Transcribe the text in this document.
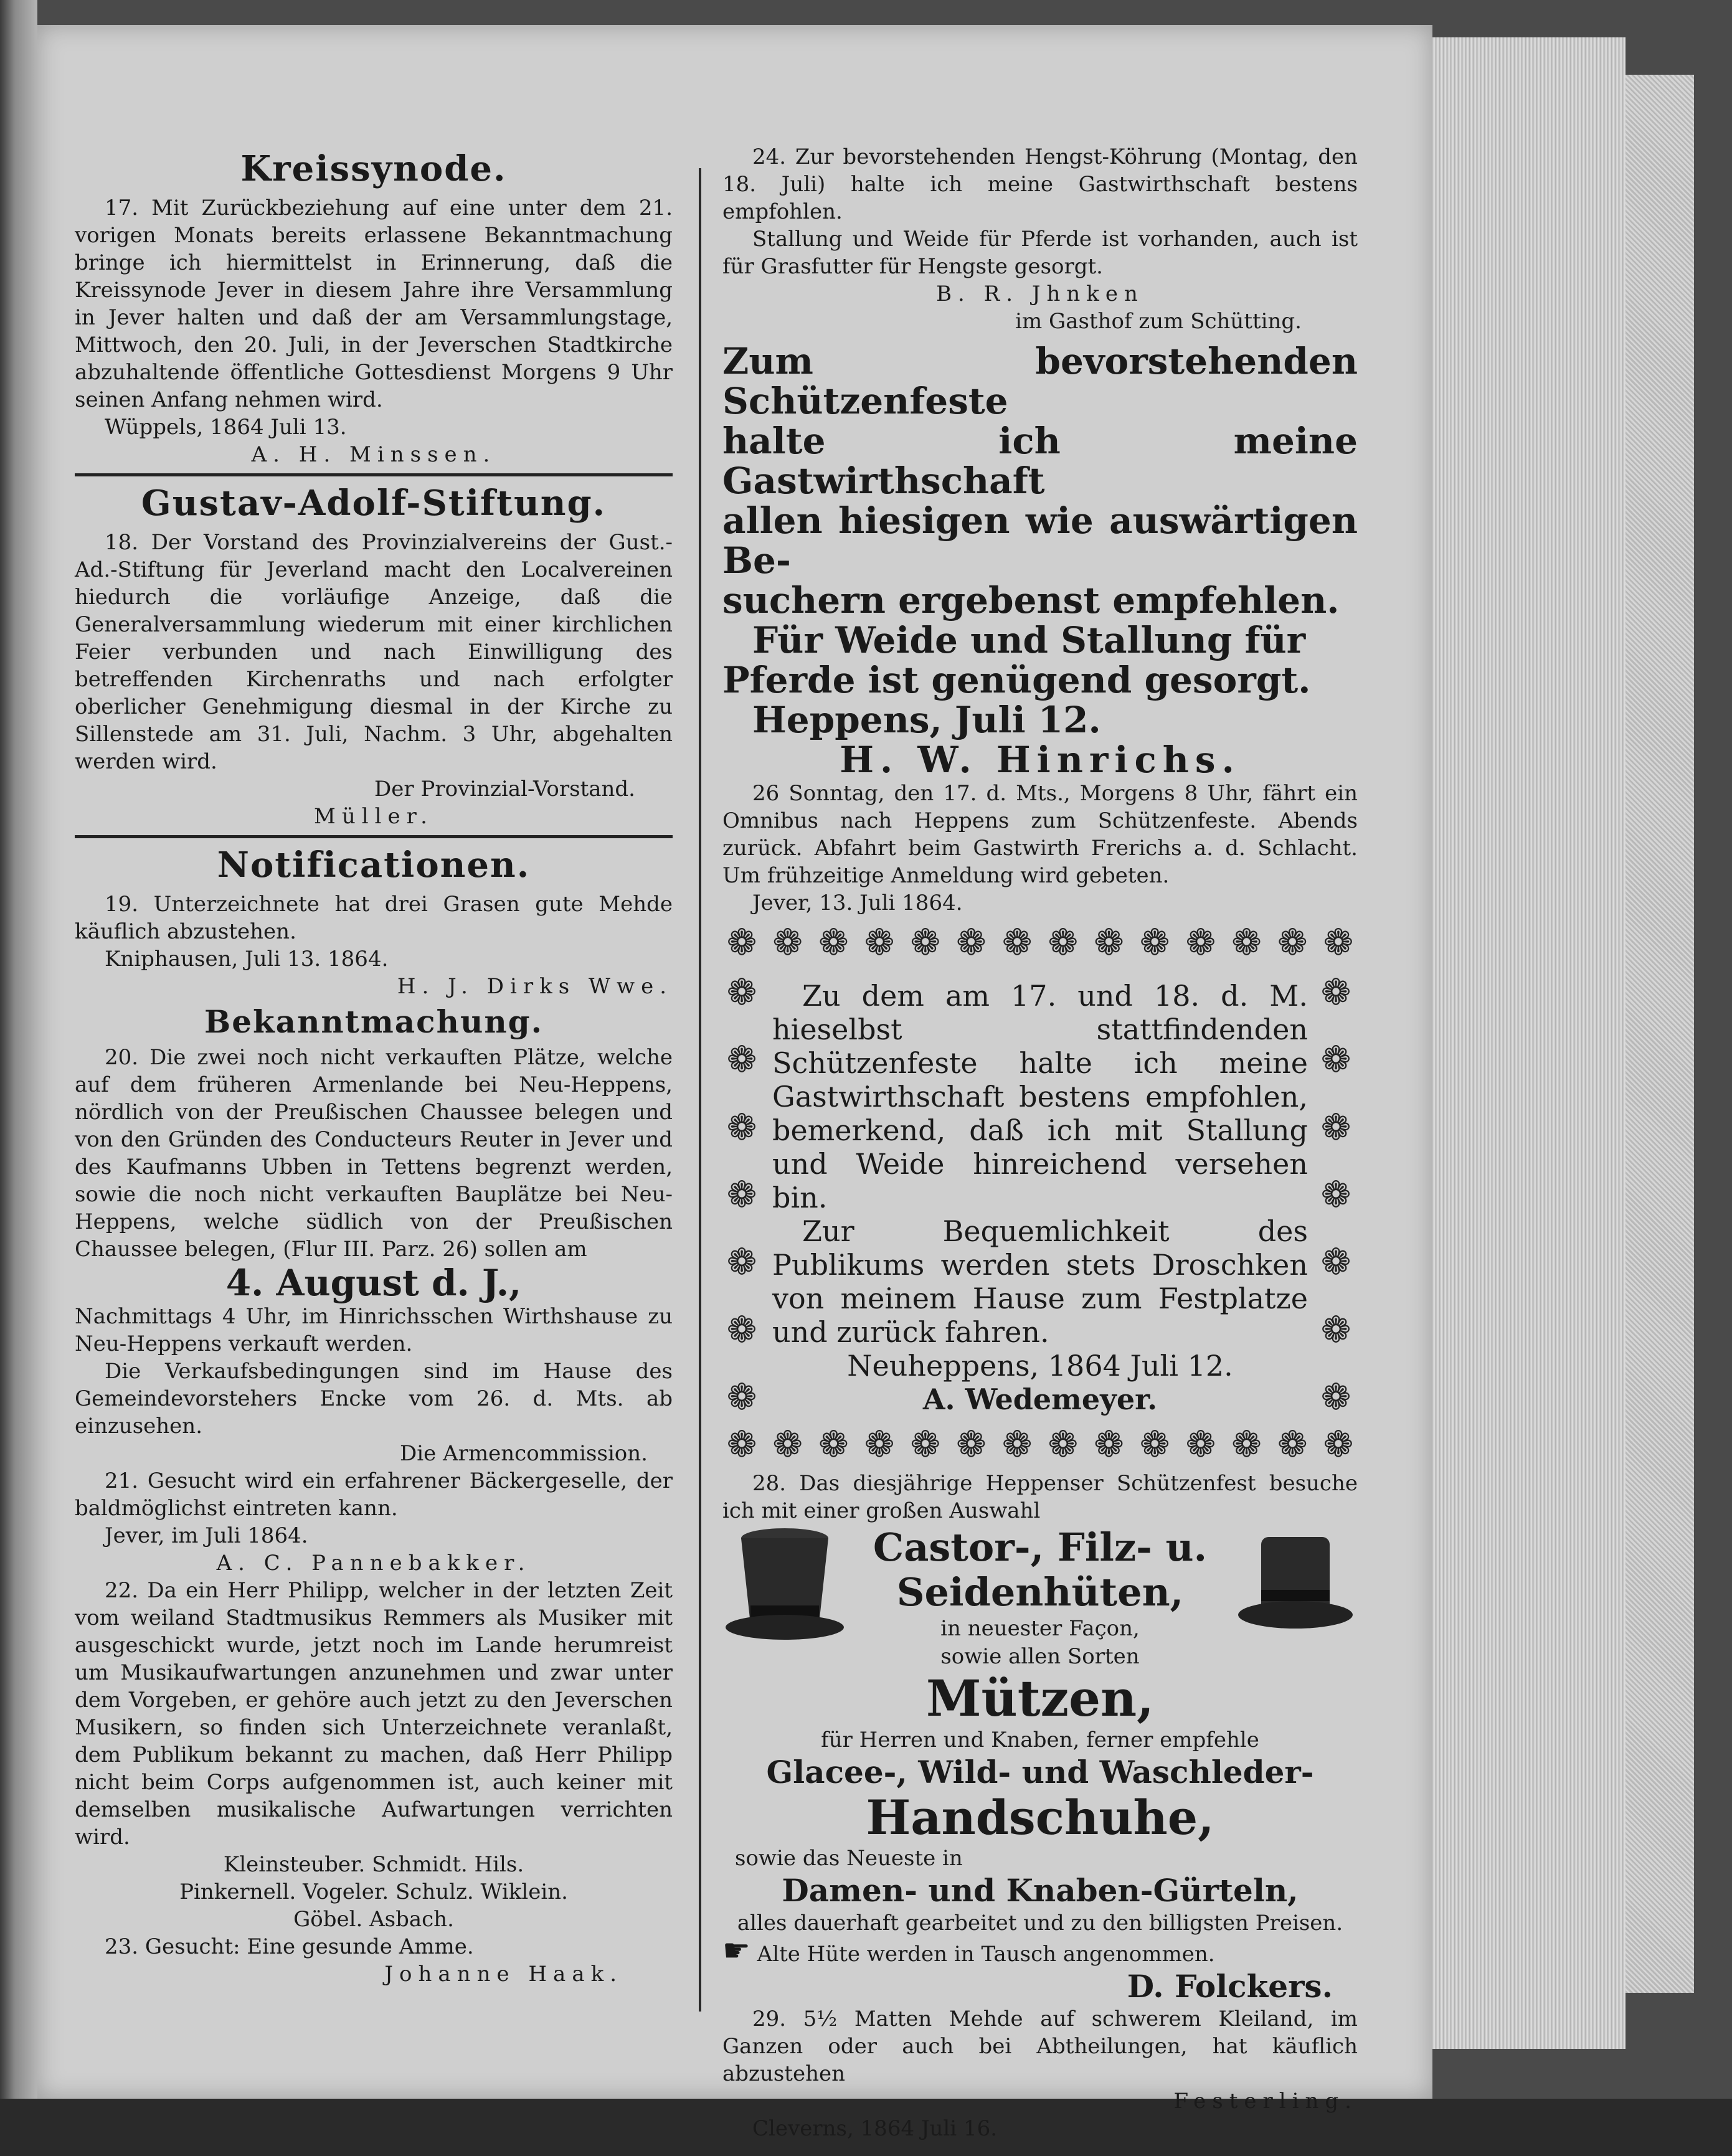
Kreissynode.

17. Mit Zurückbeziehung auf eine unter dem 21. vorigen Monats bereits erlassene Bekanntmachung bringe ich hiermittelst in Erinnerung, daß die Kreissynode Jever in diesem Jahre ihre Versammlung in Jever halten und daß der am Versammlungstage, Mittwoch, den 20. Juli, in der Jeverschen Stadtkirche abzuhaltende öffentliche Gottesdienst Morgens 9 Uhr seinen Anfang nehmen wird.

Wüppels, 1864 Juli 13.

A. H. Minssen.

Gustav-Adolf-Stiftung.

18. Der Vorstand des Provinzialvereins der Gust.-Ad.-Stiftung für Jeverland macht den Localvereinen hiedurch die vorläufige Anzeige, daß die Generalversammlung wiederum mit einer kirchlichen Feier verbunden und nach Einwilligung des betreffenden Kirchenraths und nach erfolgter oberlicher Genehmigung diesmal in der Kirche zu Sillenstede am 31. Juli, Nachm. 3 Uhr, abgehalten werden wird.

Der Provinzial-Vorstand.

Müller.

Notificationen.

19. Unterzeichnete hat drei Grasen gute Mehde käuflich abzustehen.

Kniphausen, Juli 13. 1864.

H. J. Dirks Wwe.

Bekanntmachung.

20. Die zwei noch nicht verkauften Plätze, welche auf dem früheren Armenlande bei Neu-Heppens, nördlich von der Preußischen Chaussee belegen und von den Gründen des Conducteurs Reuter in Jever und des Kaufmanns Ubben in Tettens begrenzt werden, sowie die noch nicht verkauften Bauplätze bei Neu-Heppens, welche südlich von der Preußischen Chaussee belegen, (Flur III. Parz. 26) sollen am

4. August d. J.,

Nachmittags 4 Uhr, im Hinrichsschen Wirthshause zu Neu-Heppens verkauft werden.

Die Verkaufsbedingungen sind im Hause des Gemeindevorstehers Encke vom 26. d. Mts. ab einzusehen.

Die Armencommission.

21. Gesucht wird ein erfahrener Bäckergeselle, der baldmöglichst eintreten kann.

Jever, im Juli 1864.

A. C. Pannebakker.

22. Da ein Herr Philipp, welcher in der letzten Zeit vom weiland Stadtmusikus Remmers als Musiker mit ausgeschickt wurde, jetzt noch im Lande herumreist um Musikaufwartungen anzunehmen und zwar unter dem Vorgeben, er gehöre auch jetzt zu den Jeverschen Musikern, so finden sich Unterzeichnete veranlaßt, dem Publikum bekannt zu machen, daß Herr Philipp nicht beim Corps aufgenommen ist, auch keiner mit demselben musikalische Aufwartungen verrichten wird.

Kleinsteuber. Schmidt. Hils.

Pinkernell. Vogeler. Schulz. Wiklein.

Göbel. Asbach.

23. Gesucht: Eine gesunde Amme.

Johanne Haak.

24. Zur bevorstehenden Hengst-Köhrung (Montag, den 18. Juli) halte ich meine Gastwirthschaft bestens empfohlen.

Stallung und Weide für Pferde ist vorhanden, auch ist für Grasfutter für Hengste gesorgt.

B. R. Jhnken

im Gasthof zum Schütting.

Zum bevorstehenden Schützenfeste

halte ich meine Gastwirthschaft

allen hiesigen wie auswärtigen Be-

suchern ergebenst empfehlen.

Für Weide und Stallung für

Pferde ist genügend gesorgt.

Heppens, Juli 12.

H. W. Hinrichs.

26 Sonntag, den 17. d. Mts., Morgens 8 Uhr, fährt ein Omnibus nach Heppens zum Schützenfeste. Abends zurück. Abfahrt beim Gastwirth Frerichs a. d. Schlacht. Um frühzeitige Anmeldung wird gebeten.

Jever, 13. Juli 1864.

❁ ❁ ❁ ❁ ❁ ❁ ❁ ❁ ❁ ❁ ❁ ❁ ❁ ❁
❁
❁
❁
❁
❁
❁
❁
❁
❁
❁
❁
❁
❁
❁
❁ ❁ ❁ ❁ ❁ ❁ ❁ ❁ ❁ ❁ ❁ ❁ ❁ ❁

Zu dem am 17. und 18. d. M. hieselbst stattfindenden Schützenfeste halte ich meine Gastwirthschaft bestens empfohlen, bemerkend, daß ich mit Stallung und Weide hinreichend versehen bin.

Zur Bequemlichkeit des Publikums werden stets Droschken von meinem Hause zum Festplatze und zurück fahren.

Neuheppens, 1864 Juli 12.

A. Wedemeyer.

28. Das diesjährige Heppenser Schützenfest besuche ich mit einer großen Auswahl

Castor-, Filz- u.

Seidenhüten,

in neuester Façon,

sowie allen Sorten

Mützen,

für Herren und Knaben, ferner empfehle

Glacee-, Wild- und Waschleder-

Handschuhe,

sowie das Neueste in

Damen- und Knaben-Gürteln,

alles dauerhaft gearbeitet und zu den billigsten Preisen.

☛ Alte Hüte werden in Tausch angenommen.

D. Folckers.

29. 5½ Matten Mehde auf schwerem Kleiland, im Ganzen oder auch bei Abtheilungen, hat käuflich abzustehen

Festerling.

Cleverns, 1864 Juli 16.
